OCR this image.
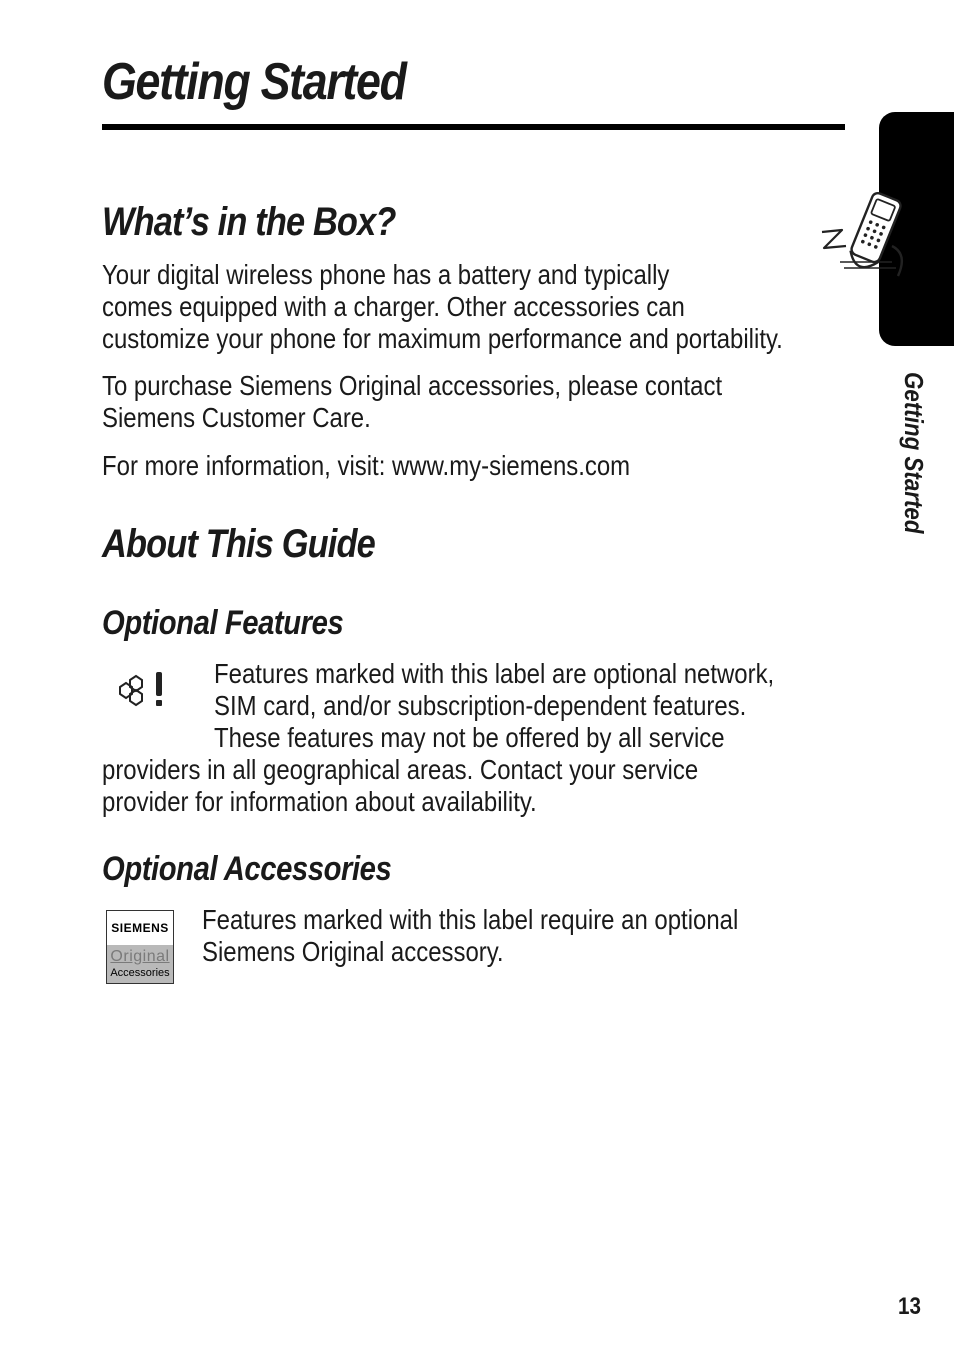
Getting Started
Getting Started
What’s in the Box?

Your digital wireless phone has a battery and typically
comes equipped with a charger. Other accessories can
customize your phone for maximum performance and portability.

To purchase Siemens Original accessories, please contact
Siemens Customer Care.

For more information, visit: www.my-siemens.com

About This Guide
Optional Features

Features marked with this label are optional network,
SIM card, and/or subscription-dependent features.
These features may not be offered by all service

providers in all geographical areas. Contact your service
provider for information about availability.

Optional Accessories
SIEMENS
Original
Accessories

Features marked with this label require an optional
Siemens Original accessory.

13
